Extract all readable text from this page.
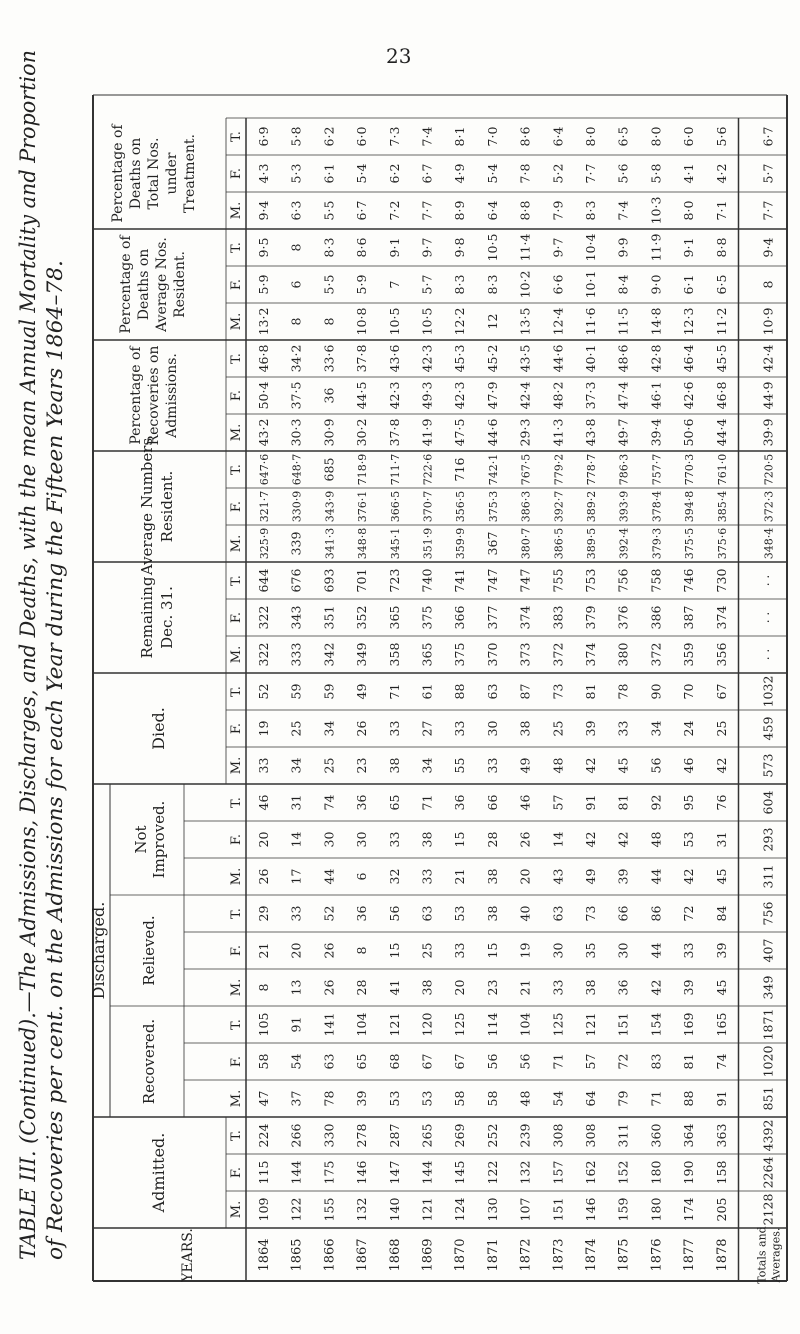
23
TABLE III. (Continued).—The Admissions, Discharges, and Deaths, with the mean Annual Mortality and Proportion of Recoveries per cent. on the Admissions for each Year during the Fifteen Years 1864–78.	YEARS.
Admitted.
Discharged.
Recovered.
Relieved.
Not Improved.
Died.
Remaining Dec. 31.
Average Numbers Resident.
Percentage of Recoveries on Admissions.
Percentage of Deaths on Average Nos. Resident.
Percentage of Deaths on Total Nos. under Treatment.
M.
F.
T.
M.
F.
T.
M.
F.
T.
M.
F.
T.
M.
F.
T.
M.
F.
T.
M.
F.
T.
M.
F.
T.
M.
F.
T.
M.
F.
T.
1864
109
115
224
47
58
105
8
21
29
26
20
46
33
19
52
322
322
644
325·9
321·7
647·6
43·2
50·4
46·8
13·2
5·9
9·5
9·4
4·3
6·9
1865
122
144
266
37
54
91
13
20
33
17
14
31
34
25
59
333
343
676
339
330·9
648·7
30·3
37·5
34·2
8
6
8
6·3
5·3
5·8
1866
155
175
330
78
63
141
26
26
52
44
30
74
25
34
59
342
351
693
341·3
343·9
685
30·9
36
33·6
8
5·5
8·3
5·5
6·1
6·2
1867
132
146
278
39
65
104
28
8
36
6
30
36
23
26
49
349
352
701
348·8
376·1
718·9
30·2
44·5
37·8
10·8
5·9
8·6
6·7
5·4
6·0
1868
140
147
287
53
68
121
41
15
56
32
33
65
38
33
71
358
365
723
345·1
366·5
711·7
37·8
42·3
43·6
10·5
7
9·1
7·2
6·2
7·3
1869
121
144
265
53
67
120
38
25
63
33
38
71
34
27
61
365
375
740
351·9
370·7
722·6
41·9
49·3
42·3
10·5
5·7
9·7
7·7
6·7
7·4
1870
124
145
269
58
67
125
20
33
53
21
15
36
55
33
88
375
366
741
359·9
356·5
716
47·5
42·3
45·3
12·2
8·3
9·8
8·9
4·9
8·1
1871
130
122
252
58
56
114
23
15
38
38
28
66
33
30
63
370
377
747
367
375·3
742·1
44·6
47·9
45·2
12
8·3
10·5
6·4
5·4
7·0
1872
107
132
239
48
56
104
21
19
40
20
26
46
49
38
87
373
374
747
380·7
386·3
767·5
29·3
42·4
43·5
13·5
10·2
11·4
8·8
7·8
8·6
1873
151
157
308
54
71
125
33
30
63
43
14
57
48
25
73
372
383
755
386·5
392·7
779·2
41·3
48·2
44·6
12·4
6·6
9·7
7·9
5·2
6·4
1874
146
162
308
64
57
121
38
35
73
49
42
91
42
39
81
374
379
753
389·5
389·2
778·7
43·8
37·3
40·1
11·6
10·1
10·4
8·3
7·7
8·0
1875
159
152
311
79
72
151
36
30
66
39
42
81
45
33
78
380
376
756
392·4
393·9
786·3
49·7
47·4
48·6
11·5
8·4
9·9
7·4
5·6
6·5
1876
180
180
360
71
83
154
42
44
86
44
48
92
56
34
90
372
386
758
379·3
378·4
757·7
39·4
46·1
42·8
14·8
9·0
11·9
10·3
5·8
8·0
1877
174
190
364
88
81
169
39
33
72
42
53
95
46
24
70
359
387
746
375·5
394·8
770·3
50·6
42·6
46·4
12·3
6·1
9·1
8·0
4·1
6·0
1878
205
158
363
91
74
165
45
39
84
45
31
76
42
25
67
356
374
730
375·6
385·4
761·0
44·4
46·8
45·5
11·2
6·5
8·8
7·1
4·2
5·6
Totals and Averages.
2128
2264
4392
851
1020
1871
349
407
756
311
293
604
573
459
1032
· ·
· ·
· ·
348·4
372·3
720·5
39·9
44·9
42·4
10·9
8
9·4
7·7
5·7
6·7
